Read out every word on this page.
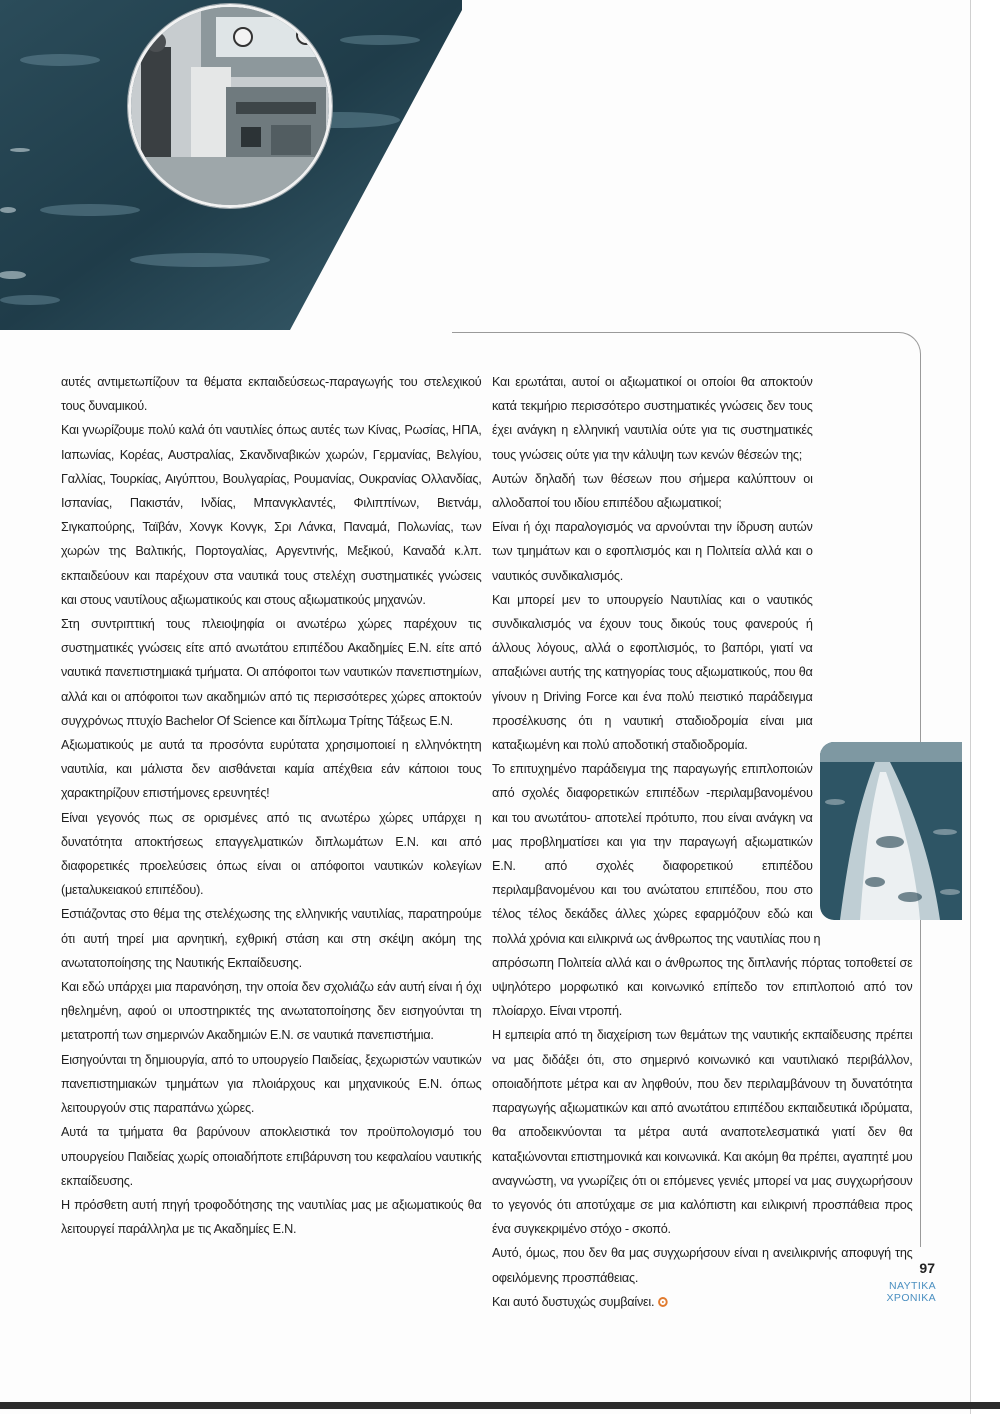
αυτές αντιμετωπίζουν τα θέματα εκπαιδεύσεως-παραγωγής του στελεχικού τους δυναμικού.

Και γνωρίζουμε πολύ καλά ότι ναυτιλίες όπως αυτές των Κίνας, Ρωσίας, ΗΠΑ, Ιαπωνίας, Κορέας, Αυστραλίας, Σκανδιναβικών χωρών, Γερμανίας, Βελγίου, Γαλλίας, Τουρκίας, Αιγύπτου, Βουλγαρίας, Ρουμανίας, Ουκρανίας Ολλανδίας, Ισπανίας, Πακιστάν, Ινδίας, Μπανγκλαντές, Φιλιππίνων, Βιετνάμ, Σιγκαπούρης, Ταϊβάν, Χονγκ Κονγκ, Σρι Λάνκα, Παναμά, Πολωνίας, των χωρών της Βαλτικής, Πορτογαλίας, Αργεντινής, Μεξικού, Καναδά κ.λπ. εκπαιδεύουν και παρέχουν στα ναυτικά τους στελέχη συστηματικές γνώσεις και στους ναυτίλους αξιωματικούς και στους αξιωματικούς μηχανών.

Στη συντριπτική τους πλειοψηφία οι ανωτέρω χώρες παρέχουν τις συστηματικές γνώσεις είτε από ανωτάτου επιπέδου Ακαδημίες Ε.Ν. είτε από ναυτικά πανεπιστημιακά τμήματα. Οι απόφοιτοι των ναυτικών πανεπιστημίων, αλλά και οι απόφοιτοι των ακαδημιών από τις περισσότερες χώρες αποκτούν συγχρόνως πτυχίο Bachelor Of Science και δίπλωμα Τρίτης Τάξεως Ε.Ν.

Αξιωματικούς με αυτά τα προσόντα ευρύτατα χρησιμοποιεί η ελληνόκτητη ναυτιλία, και μάλιστα δεν αισθάνεται καμία απέχθεια εάν κάποιοι τους χαρακτηρίζουν επιστήμονες ερευνητές!

Είναι γεγονός πως σε ορισμένες από τις ανωτέρω χώρες υπάρχει η δυνατότητα αποκτήσεως επαγγελματικών διπλωμάτων Ε.Ν. και από διαφορετικές προελεύσεις όπως είναι οι απόφοιτοι ναυτικών κολεγίων (μεταλυκειακού επιπέδου).

Εστιάζοντας στο θέμα της στελέχωσης της ελληνικής ναυτιλίας, παρατηρούμε ότι αυτή τηρεί μια αρνητική, εχθρική στάση και στη σκέψη ακόμη της ανωτατοποίησης της Ναυτικής Εκπαίδευσης.

Και εδώ υπάρχει μια παρανόηση, την οποία δεν σχολιάζω εάν αυτή είναι ή όχι ηθελημένη, αφού οι υποστηρικτές της ανωτατοποίησης δεν εισηγούνται τη μετατροπή των σημερινών Ακαδημιών Ε.Ν. σε ναυτικά πανεπιστήμια.

Εισηγούνται τη δημιουργία, από το υπουργείο Παιδείας, ξεχωριστών ναυτικών πανεπιστημιακών τμημάτων για πλοιάρχους και μηχανικούς Ε.Ν. όπως λειτουργούν στις παραπάνω χώρες.

Αυτά τα τμήματα θα βαρύνουν αποκλειστικά τον προϋπολογισμό του υπουργείου Παιδείας χωρίς οποιαδήποτε επιβάρυνση του κεφαλαίου ναυτικής εκπαίδευσης.

Η πρόσθετη αυτή πηγή τροφοδότησης της ναυτιλίας μας με αξιωματικούς θα λειτουργεί παράλληλα με τις Ακαδημίες Ε.Ν.

Και ερωτάται, αυτοί οι αξιωματικοί οι οποίοι θα αποκτούν κατά τεκμήριο περισσότερο συστηματικές γνώσεις δεν τους έχει ανάγκη η ελληνική ναυτιλία ούτε για τις συστηματικές τους γνώσεις ούτε για την κάλυψη των κενών θέσεών της;

Αυτών δηλαδή των θέσεων που σήμερα καλύπτουν οι αλλοδαποί του ιδίου επιπέδου αξιωματικοί;

Είναι ή όχι παραλογισμός να αρνούνται την ίδρυση αυτών των τμημάτων και ο εφοπλισμός και η Πολιτεία αλλά και ο ναυτικός συνδικαλισμός.

Και μπορεί μεν το υπουργείο Ναυτιλίας και ο ναυτικός συνδικαλισμός να έχουν τους δικούς τους φανερούς ή άλλους λόγους, αλλά ο εφοπλισμός, το βαπόρι, γιατί να απαξιώνει αυτής της κατηγορίας τους αξιωματικούς, που θα γίνουν η Driving Force και ένα πολύ πειστικό παράδειγμα προσέλκυσης ότι η ναυτική σταδιοδρομία είναι μια καταξιωμένη και πολύ αποδοτική σταδιοδρομία.

Το επιτυχημένο παράδειγμα της παραγωγής επιπλοποιών από σχολές διαφορετικών επιπέδων -περιλαμβανομένου και του ανωτάτου- αποτελεί πρότυπο, που είναι ανάγκη να μας προβληματίσει και για την παραγωγή αξιωματικών Ε.Ν. από σχολές διαφορετικού επιπέδου περιλαμβανομένου και του ανώτατου επιπέδου, που στο τέλος τέλος δεκάδες άλλες χώρες εφαρμόζουν εδώ και πολλά χρόνια και ειλικρινά ως άνθρωπος της ναυτιλίας που η απρόσωπη Πολιτεία αλλά και ο άνθρωπος της διπλανής πόρτας τοποθετεί σε υψηλότερο μορφωτικό και κοινωνικό επίπεδο τον επιπλοποιό από τον πλοίαρχο. Είναι ντροπή.

Η εμπειρία από τη διαχείριση των θεμάτων της ναυτικής εκπαίδευσης πρέπει να μας διδάξει ότι, στο σημερινό κοινωνικό και ναυτιλιακό περιβάλλον, οποιαδήποτε μέτρα και αν ληφθούν, που δεν περιλαμβάνουν τη δυνατότητα παραγωγής αξιωματικών και από ανωτάτου επιπέδου εκπαιδευτικά ιδρύματα, θα αποδεικνύονται τα μέτρα αυτά αναποτελεσματικά γιατί δεν θα καταξιώνονται επιστημονικά και κοινωνικά. Και ακόμη θα πρέπει, αγαπητέ μου αναγνώστη, να γνωρίζεις ότι οι επόμενες γενιές μπορεί να μας συγχωρήσουν το γεγονός ότι αποτύχαμε σε μια καλόπιστη και ειλικρινή προσπάθεια προς ένα συγκεκριμένο στόχο - σκοπό.

Αυτό, όμως, που δεν θα μας συγχωρήσουν είναι η ανειλικρινής αποφυγή της οφειλόμενης προσπάθειας.

Και αυτό δυστυχώς συμβαίνει.

97
ΝΑΥΤΙΚΑ
ΧΡΟΝΙΚΑ
